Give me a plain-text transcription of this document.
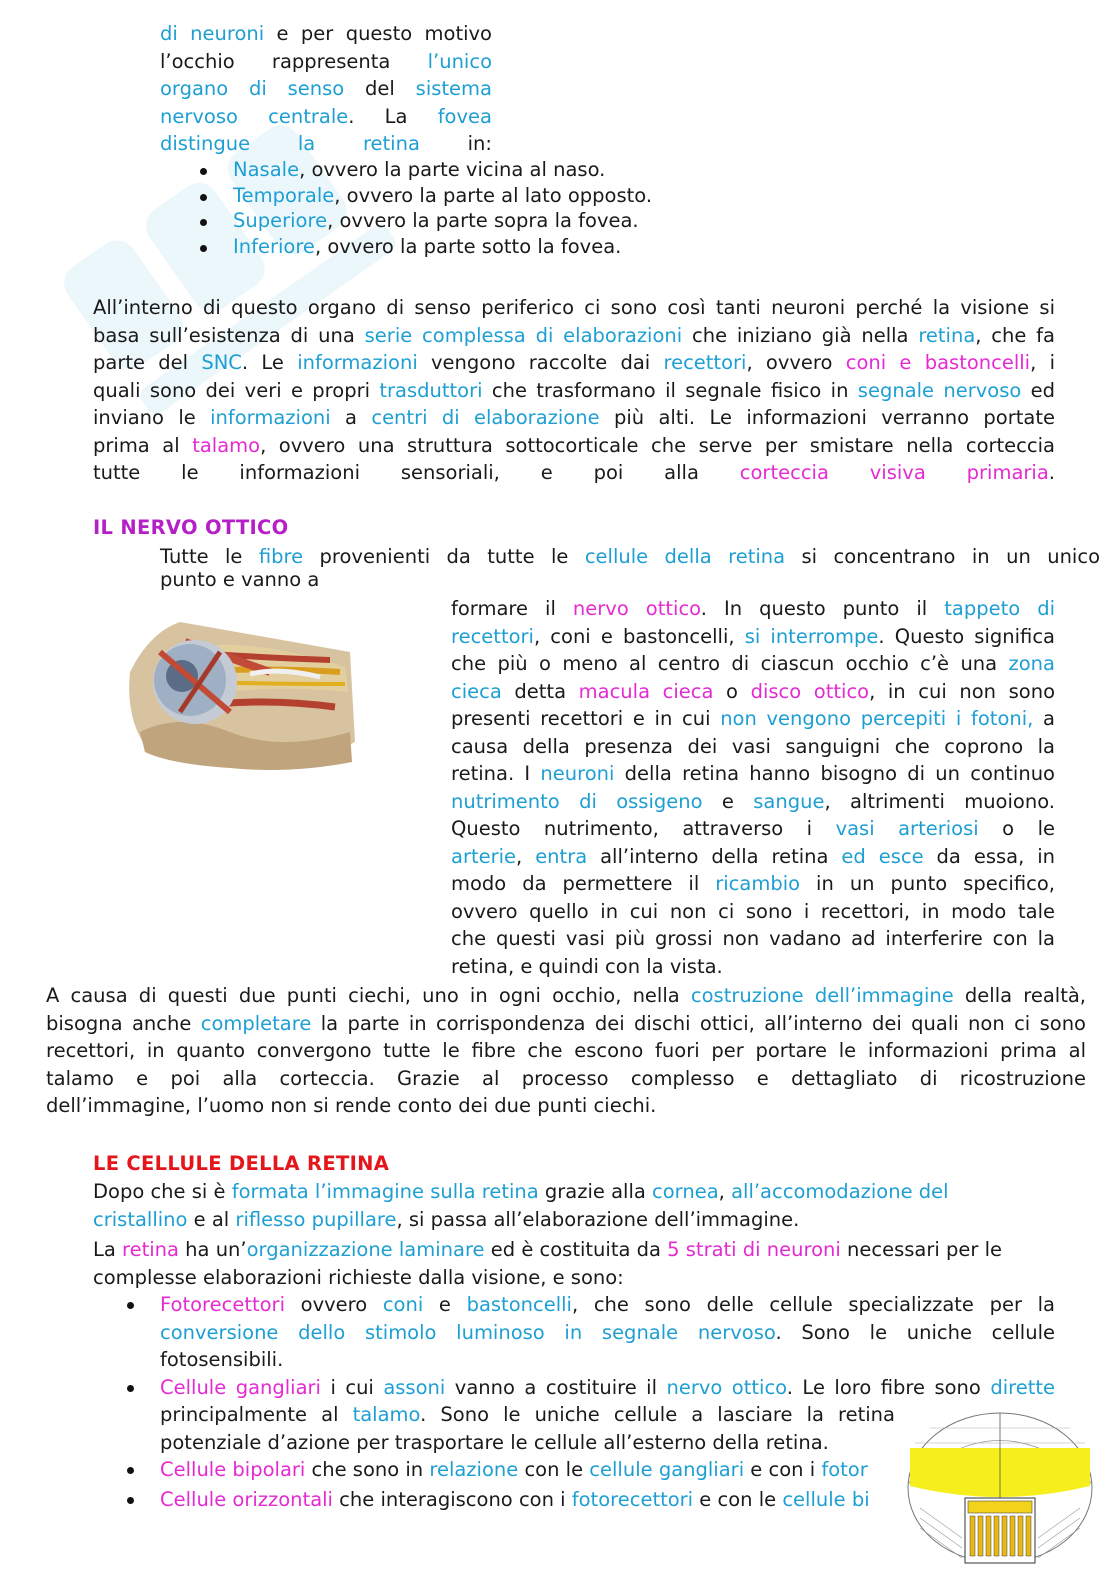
di neuroni e per questo motivo
l’occhio rappresenta l’unico
organo di senso del sistema
nervoso centrale. La fovea
distingue la retina in:
Nasale, ovvero la parte vicina al naso.
Temporale, ovvero la parte al lato opposto.
Superiore, ovvero la parte sopra la fovea.
Inferiore, ovvero la parte sotto la fovea.
All’interno di questo organo di senso periferico ci sono così tanti neuroni perché la visione si
basa sull’esistenza di una serie complessa di elaborazioni che iniziano già nella retina, che fa
parte del SNC. Le informazioni vengono raccolte dai recettori, ovvero coni e bastoncelli, i
quali sono dei veri e propri trasduttori che trasformano il segnale fisico in segnale nervoso ed
inviano le informazioni a centri di elaborazione più alti. Le informazioni verranno portate
prima al talamo, ovvero una struttura sottocorticale che serve per smistare nella corteccia
tutte le informazioni sensoriali, e poi alla corteccia visiva primaria.
IL NERVO OTTICO
Tutte le fibre provenienti da tutte le cellule della retina si concentrano in un unico
punto e vanno a
formare il nervo ottico. In questo punto il tappeto di
recettori, coni e bastoncelli, si interrompe. Questo significa
che più o meno al centro di ciascun occhio c’è una zona
cieca detta macula cieca o disco ottico, in cui non sono
presenti recettori e in cui non vengono percepiti i fotoni, a
causa della presenza dei vasi sanguigni che coprono la
retina. I neuroni della retina hanno bisogno di un continuo
nutrimento di ossigeno e sangue, altrimenti muoiono.
Questo nutrimento, attraverso i vasi arteriosi o le
arterie, entra all’interno della retina ed esce da essa, in
modo da permettere il ricambio in un punto specifico,
ovvero quello in cui non ci sono i recettori, in modo tale
che questi vasi più grossi non vadano ad interferire con la
retina, e quindi con la vista.
A causa di questi due punti ciechi, uno in ogni occhio, nella costruzione dell’immagine della realtà,
bisogna anche completare la parte in corrispondenza dei dischi ottici, all’interno dei quali non ci sono
recettori, in quanto convergono tutte le fibre che escono fuori per portare le informazioni prima al
talamo e poi alla corteccia. Grazie al processo complesso e dettagliato di ricostruzione
dell’immagine, l’uomo non si rende conto dei due punti ciechi.
LE CELLULE DELLA RETINA
Dopo che si è formata l’immagine sulla retina grazie alla cornea, all’accomodazione del
cristallino e al riflesso pupillare, si passa all’elaborazione dell’immagine.
La retina ha un’organizzazione laminare ed è costituita da 5 strati di neuroni necessari per le
complesse elaborazioni richieste dalla visione, e sono:
Fotorecettori ovvero coni e bastoncelli, che sono delle cellule specializzate per la
conversione dello stimolo luminoso in segnale nervoso. Sono le uniche cellule
fotosensibili.
Cellule gangliari i cui assoni vanno a costituire il nervo ottico. Le loro fibre sono dirette
principalmente al talamo. Sono le uniche cellule a lasciare la retina
potenziale d’azione per trasportare le cellule all’esterno della retina.
Cellule bipolari che sono in relazione con le cellule gangliari e con i fotor
Cellule orizzontali che interagiscono con i fotorecettori e con le cellule bi
